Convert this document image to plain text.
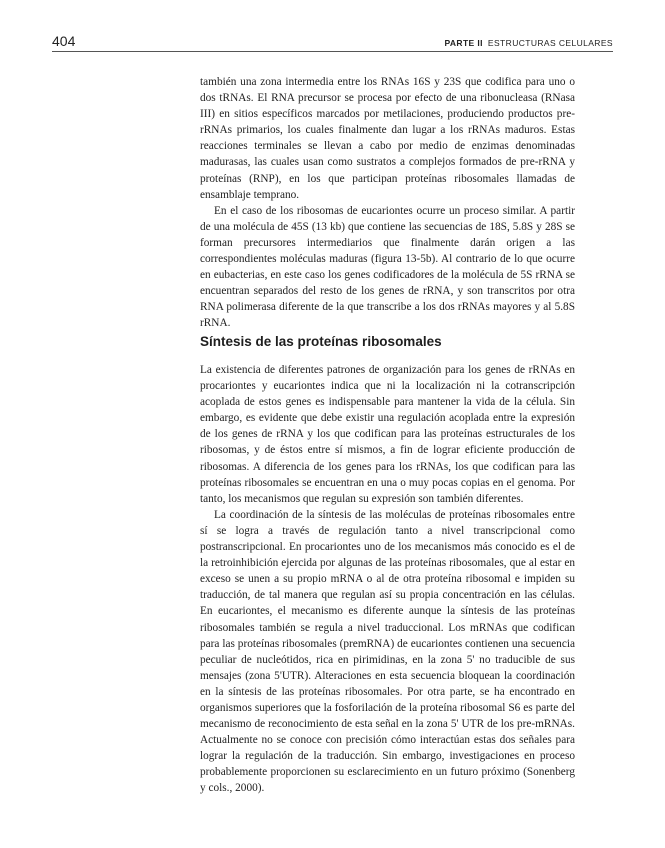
404	PARTE II ESTRUCTURAS CELULARES

también una zona intermedia entre los RNAs 16S y 23S que codifica para uno o dos tRNAs. El RNA precursor se procesa por efecto de una ribonucleasa (RNasa III) en sitios específicos marcados por metilaciones, produciendo productos pre-rRNAs primarios, los cuales finalmente dan lugar a los rRNAs maduros. Estas reacciones terminales se llevan a cabo por medio de enzimas denominadas madurasas, las cuales usan como sustratos a complejos formados de pre-rRNA y proteínas (RNP), en los que participan proteínas ribosomales llamadas de ensamblaje temprano.

En el caso de los ribosomas de eucariontes ocurre un proceso similar. A partir de una molécula de 45S (13 kb) que contiene las secuencias de 18S, 5.8S y 28S se forman precursores intermediarios que finalmente darán origen a las correspondientes moléculas maduras (figura 13-5b). Al contrario de lo que ocurre en eubacterias, en este caso los genes codificadores de la molécula de 5S rRNA se encuentran separados del resto de los genes de rRNA, y son transcritos por otra RNA polimerasa diferente de la que transcribe a los dos rRNAs mayores y al 5.8S rRNA.

Síntesis de las proteínas ribosomales

La existencia de diferentes patrones de organización para los genes de rRNAs en procariontes y eucariontes indica que ni la localización ni la cotranscripción acoplada de estos genes es indispensable para mantener la vida de la célula. Sin embargo, es evidente que debe existir una regulación acoplada entre la expresión de los genes de rRNA y los que codifican para las proteínas estructurales de los ribosomas, y de éstos entre sí mismos, a fin de lograr eficiente producción de ribosomas. A diferencia de los genes para los rRNAs, los que codifican para las proteínas ribosomales se encuentran en una o muy pocas copias en el genoma. Por tanto, los mecanismos que regulan su expresión son también diferentes.

La coordinación de la síntesis de las moléculas de proteínas ribosomales entre sí se logra a través de regulación tanto a nivel transcripcional como postranscripcional. En procariontes uno de los mecanismos más conocido es el de la retroinhibición ejercida por algunas de las proteínas ribosomales, que al estar en exceso se unen a su propio mRNA o al de otra proteína ribosomal e impiden su traducción, de tal manera que regulan así su propia concentración en las células. En eucariontes, el mecanismo es diferente aunque la síntesis de las proteínas ribosomales también se regula a nivel traduccional. Los mRNAs que codifican para las proteínas ribosomales (premRNA) de eucariontes contienen una secuencia peculiar de nucleótidos, rica en pirimidinas, en la zona 5' no traducible de sus mensajes (zona 5'UTR). Alteraciones en esta secuencia bloquean la coordinación en la síntesis de las proteínas ribosomales. Por otra parte, se ha encontrado en organismos superiores que la fosforilación de la proteína ribosomal S6 es parte del mecanismo de reconocimiento de esta señal en la zona 5' UTR de los pre-mRNAs. Actualmente no se conoce con precisión cómo interactúan estas dos señales para lograr la regulación de la traducción. Sin embargo, investigaciones en proceso probablemente proporcionen su esclarecimiento en un futuro próximo (Sonenberg y cols., 2000).
